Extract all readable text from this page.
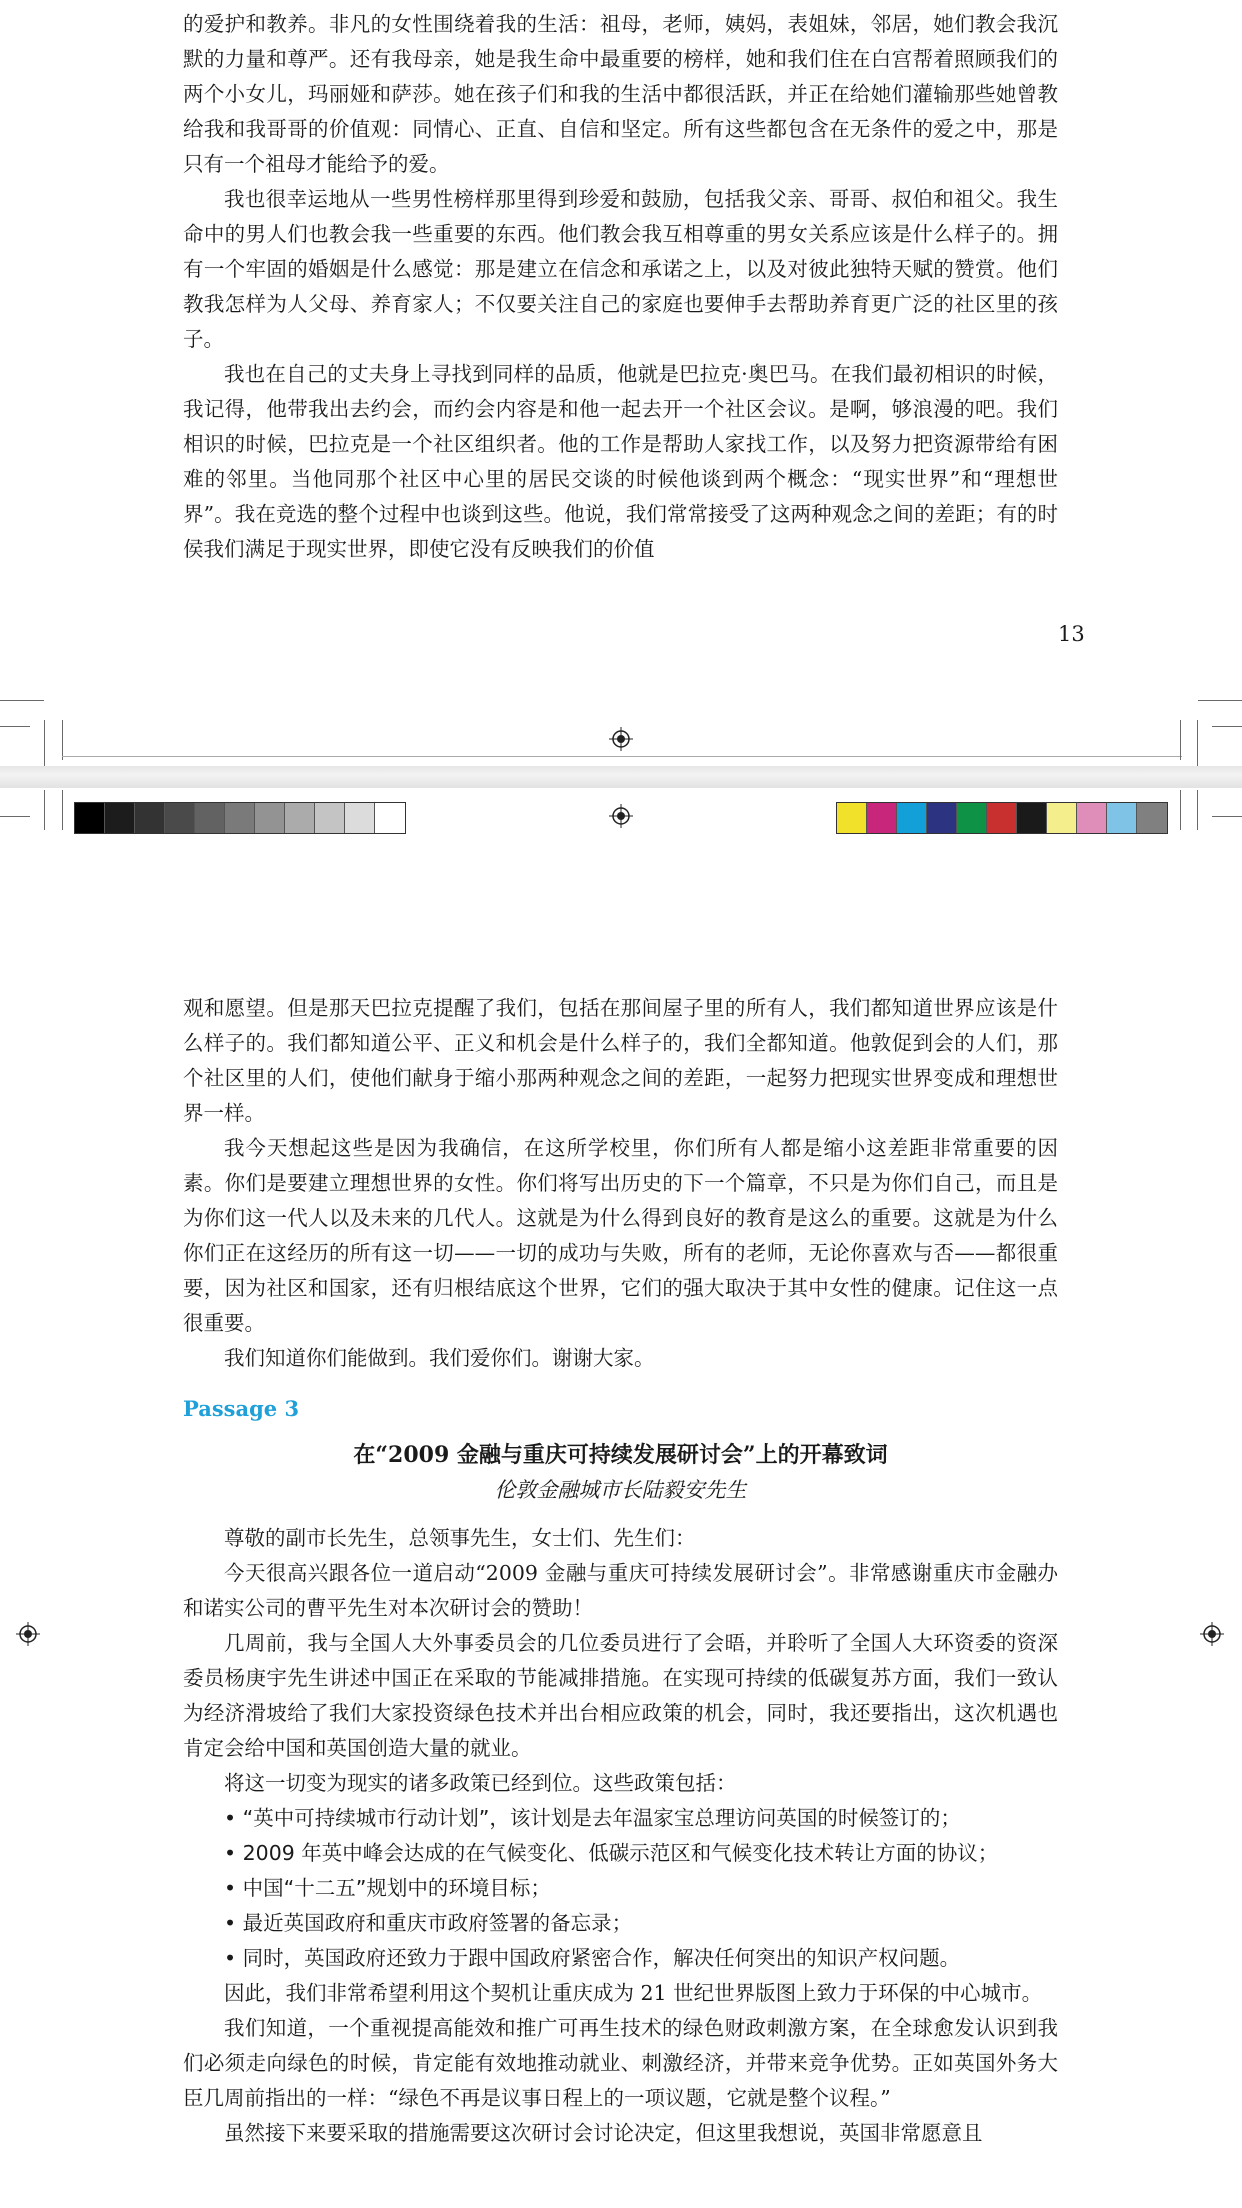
的爱护和教养。非凡的女性围绕着我的生活：祖母，老师，姨妈，表姐妹，邻居，她们教会我沉默的力量和尊严。还有我母亲，她是我生命中最重要的榜样，她和我们住在白宫帮着照顾我们的两个小女儿，玛丽娅和萨莎。她在孩子们和我的生活中都很活跃，并正在给她们灌输那些她曾教给我和我哥哥的价值观：同情心、正直、自信和坚定。所有这些都包含在无条件的爱之中，那是只有一个祖母才能给予的爱。

我也很幸运地从一些男性榜样那里得到珍爱和鼓励，包括我父亲、哥哥、叔伯和祖父。我生命中的男人们也教会我一些重要的东西。他们教会我互相尊重的男女关系应该是什么样子的。拥有一个牢固的婚姻是什么感觉：那是建立在信念和承诺之上，以及对彼此独特天赋的赞赏。他们教我怎样为人父母、养育家人；不仅要关注自己的家庭也要伸手去帮助养育更广泛的社区里的孩子。

我也在自己的丈夫身上寻找到同样的品质，他就是巴拉克·奥巴马。在我们最初相识的时候，我记得，他带我出去约会，而约会内容是和他一起去开一个社区会议。是啊，够浪漫的吧。我们相识的时候，巴拉克是一个社区组织者。他的工作是帮助人家找工作，以及努力把资源带给有困难的邻里。当他同那个社区中心里的居民交谈的时候他谈到两个概念：“现实世界”和“理想世界”。我在竞选的整个过程中也谈到这些。他说，我们常常接受了这两种观念之间的差距；有的时侯我们满足于现实世界，即使它没有反映我们的价值

13

观和愿望。但是那天巴拉克提醒了我们，包括在那间屋子里的所有人，我们都知道世界应该是什么样子的。我们都知道公平、正义和机会是什么样子的，我们全都知道。他敦促到会的人们，那个社区里的人们，使他们献身于缩小那两种观念之间的差距，一起努力把现实世界变成和理想世界一样。

我今天想起这些是因为我确信，在这所学校里，你们所有人都是缩小这差距非常重要的因素。你们是要建立理想世界的女性。你们将写出历史的下一个篇章，不只是为你们自己，而且是为你们这一代人以及未来的几代人。这就是为什么得到良好的教育是这么的重要。这就是为什么你们正在这经历的所有这一切——一切的成功与失败，所有的老师，无论你喜欢与否——都很重要，因为社区和国家，还有归根结底这个世界，它们的强大取决于其中女性的健康。记住这一点很重要。

我们知道你们能做到。我们爱你们。谢谢大家。

Passage 3
在“2009 金融与重庆可持续发展研讨会”上的开幕致词
伦敦金融城市长陆毅安先生

尊敬的副市长先生，总领事先生，女士们、先生们：

今天很高兴跟各位一道启动“2009 金融与重庆可持续发展研讨会”。非常感谢重庆市金融办和诺实公司的曹平先生对本次研讨会的赞助！

几周前，我与全国人大外事委员会的几位委员进行了会晤，并聆听了全国人大环资委的资深委员杨庚宇先生讲述中国正在采取的节能减排措施。在实现可持续的低碳复苏方面，我们一致认为经济滑坡给了我们大家投资绿色技术并出台相应政策的机会，同时，我还要指出，这次机遇也肯定会给中国和英国创造大量的就业。

将这一切变为现实的诸多政策已经到位。这些政策包括：

• “英中可持续城市行动计划”，该计划是去年温家宝总理访问英国的时候签订的；
• 2009 年英中峰会达成的在气候变化、低碳示范区和气候变化技术转让方面的协议；
• 中国“十二五”规划中的环境目标；
• 最近英国政府和重庆市政府签署的备忘录；
• 同时，英国政府还致力于跟中国政府紧密合作，解决任何突出的知识产权问题。

因此，我们非常希望利用这个契机让重庆成为 21 世纪世界版图上致力于环保的中心城市。

我们知道，一个重视提高能效和推广可再生技术的绿色财政刺激方案，在全球愈发认识到我们必须走向绿色的时候，肯定能有效地推动就业、刺激经济，并带来竞争优势。正如英国外务大臣几周前指出的一样：“绿色不再是议事日程上的一项议题，它就是整个议程。”

虽然接下来要采取的措施需要这次研讨会讨论决定，但这里我想说，英国非常愿意且
